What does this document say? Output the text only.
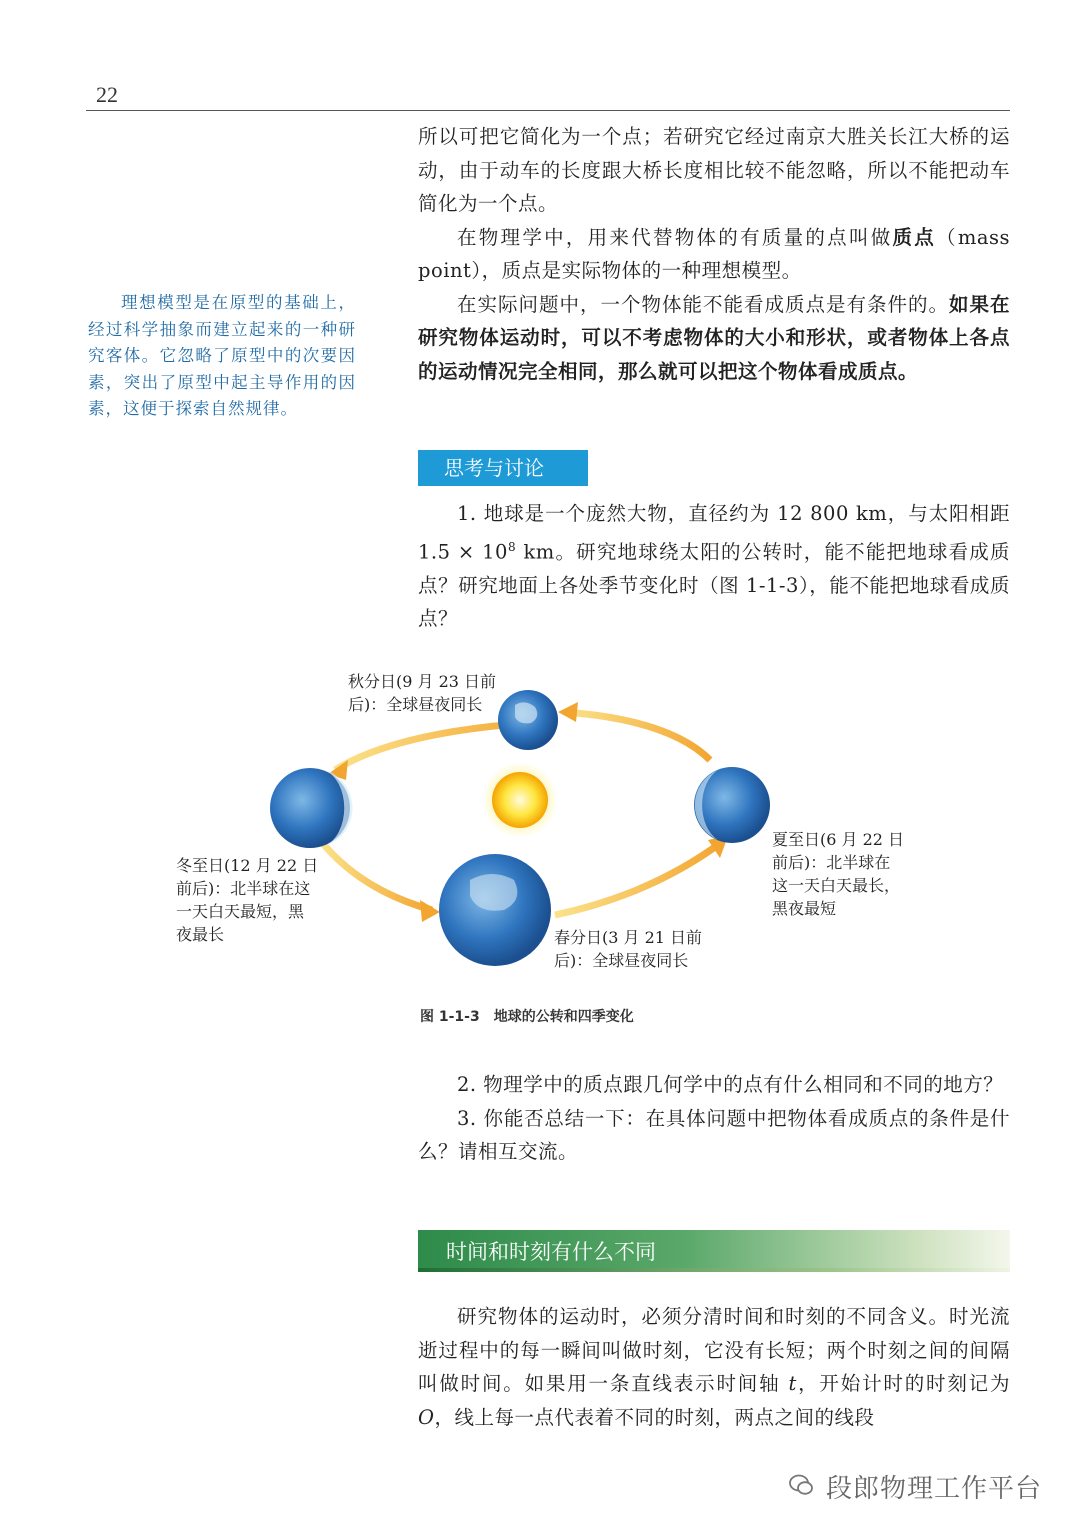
22

所以可把它简化为一个点；若研究它经过南京大胜关长江大桥的运动，由于动车的长度跟大桥长度相比较不能忽略，所以不能把动车简化为一个点。

在物理学中，用来代替物体的有质量的点叫做质点（mass point），质点是实际物体的一种理想模型。

在实际问题中，一个物体能不能看成质点是有条件的。如果在研究物体运动时，可以不考虑物体的大小和形状，或者物体上各点的运动情况完全相同，那么就可以把这个物体看成质点。

理想模型是在原型的基础上，经过科学抽象而建立起来的一种研究客体。它忽略了原型中的次要因素，突出了原型中起主导作用的因素，这便于探索自然规律。

思考与讨论

1. 地球是一个庞然大物，直径约为 12 800 km，与太阳相距 $1.5 \times 10^8$ km。研究地球绕太阳的公转时，能不能把地球看成质点？研究地面上各处季节变化时（图 1-1-3），能不能把地球看成质点？

秋分日(9 月 23 日前
后)：全球昼夜同长
冬至日(12 月 22 日
前后)：北半球在这
一天白天最短，黑
夜最长
夏至日(6 月 22 日
前后)：北半球在
这一天白天最长，
黑夜最短
春分日(3 月 21 日前
后)：全球昼夜同长
图 1-1-3 地球的公转和四季变化

2. 物理学中的质点跟几何学中的点有什么相同和不同的地方？

3. 你能否总结一下：在具体问题中把物体看成质点的条件是什么？请相互交流。

时间和时刻有什么不同

研究物体的运动时，必须分清时间和时刻的不同含义。时光流逝过程中的每一瞬间叫做时刻，它没有长短；两个时刻之间的间隔叫做时间。如果用一条直线表示时间轴 t，开始计时的时刻记为 O，线上每一点代表着不同的时刻，两点之间的线段

段郎物理工作平台
